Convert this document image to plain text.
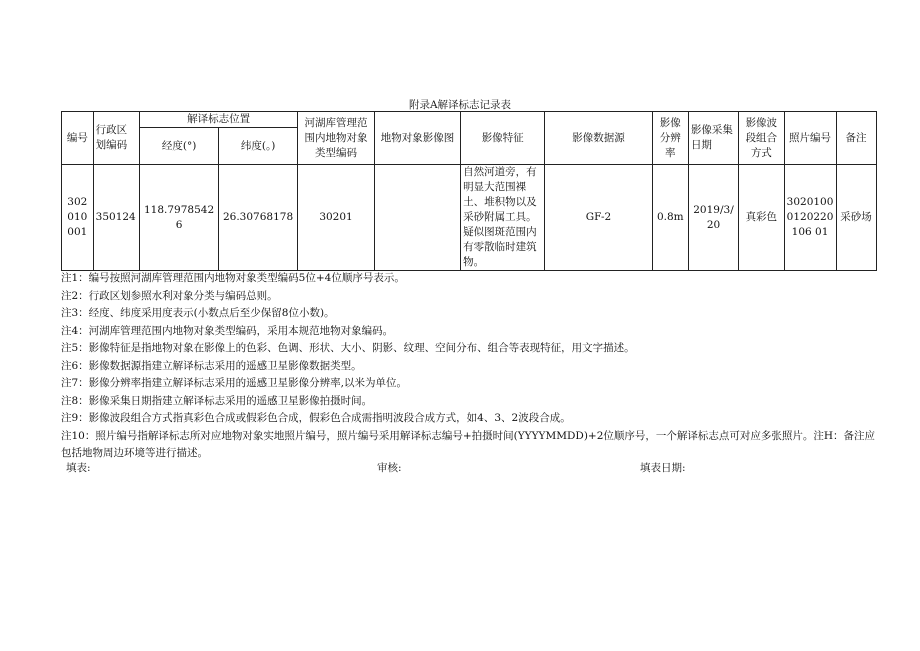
附录A解译标志记录表
编号	行政区划编码	解译标志位置		河湖库管理范围内地物对象类型编码	地物对象影像图	影像特征	影像数据源	影像分辨率	影像采集日期	影像波段组合方式	照片编号	备注
		经度(°)	纬度(。)									
302010001	350124	118.79785426	26.30768178	30201		自然河道旁，有明显大范围裸土、堆积物以及采砂附属工具。疑似图斑范围内有零散临时建筑物。	GF-2	0.8m	2019/3/20	真彩色	30201000120220106 01	采砂场
注1：编号按照河湖库管理范围内地物对象类型编码5位+4位顺序号表示。
注2：行政区划参照水利对象分类与编码总则。
注3：经度、纬度采用度表示(小数点后至少保留8位小数)。
注4：河湖库管理范围内地物对象类型编码，采用本规范地物对象编码。
注5：影像特征是指地物对象在影像上的色彩、色调、形状、大小、阴影、纹理、空间分布、组合等表现特征，用文字描述。
注6：影像数据源指建立解译标志采用的遥感卫星影像数据类型。
注7：影像分辨率指建立解译标志采用的遥感卫星影像分辨率,以米为单位。
注8：影像采集日期指建立解译标志采用的遥感卫星影像拍摄时间。
注9：影像波段组合方式指真彩色合成或假彩色合成，假彩色合成需指明波段合成方式，如4、3、2波段合成。
注10：照片编号指解译标志所对应地物对象实地照片编号，照片编号采用解译标志编号+拍摄时间(YYYYMMDD)+2位顺序号，一个解译标志点可对应多张照片。注H：备注应包括地物周边环境等进行描述。
填表:	审核:	填表日期:
